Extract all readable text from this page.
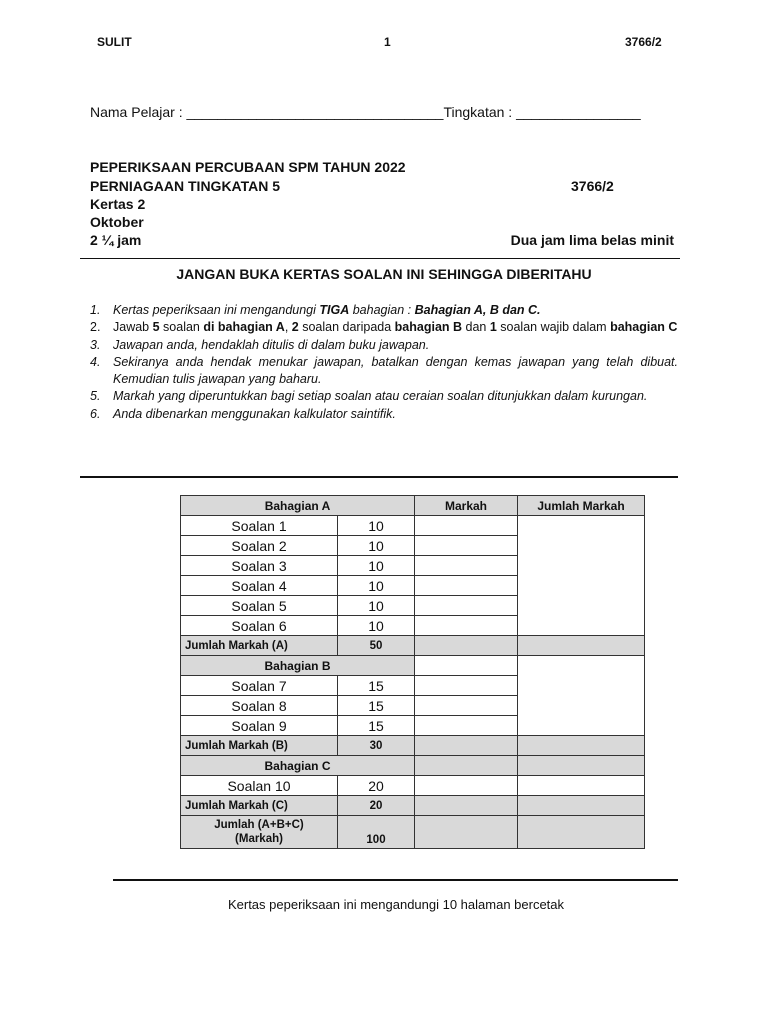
SULIT	1	3766/2
Nama Pelajar : _________________________________Tingkatan : ________________
PEPERIKSAAN PERCUBAAN SPM TAHUN 2022
PERNIAGAAN TINGKATAN 5	3766/2
Kertas 2
Oktober
2 ¼ jam	Dua jam lima belas minit
JANGAN BUKA KERTAS SOALAN INI SEHINGGA DIBERITAHU
1. Kertas peperiksaan ini mengandungi TIGA bahagian : Bahagian A, B dan C.
2. Jawab 5 soalan di bahagian A, 2 soalan daripada bahagian B dan 1 soalan wajib dalam bahagian C
3. Jawapan anda, hendaklah ditulis di dalam buku jawapan.
4. Sekiranya anda hendak menukar jawapan, batalkan dengan kemas jawapan yang telah dibuat. Kemudian tulis jawapan yang baharu.
5. Markah yang diperuntukkan bagi setiap soalan atau ceraian soalan ditunjukkan dalam kurungan.
6. Anda dibenarkan menggunakan kalkulator saintifik.
Bahagian A		Markah	Jumlah Markah
Soalan 1	10		
Soalan 2	10		
Soalan 3	10		
Soalan 4	10		
Soalan 5	10		
Soalan 6	10		
Jumlah Markah (A)	50		
Bahagian B			
Soalan 7	15		
Soalan 8	15		
Soalan 9	15		
Jumlah Markah (B)	30		
Bahagian C			
Soalan 10	20		
Jumlah Markah (C)	20		

Jumlah (A+B+C)
(Markah)	100		
Kertas peperiksaan ini mengandungi 10 halaman bercetak
